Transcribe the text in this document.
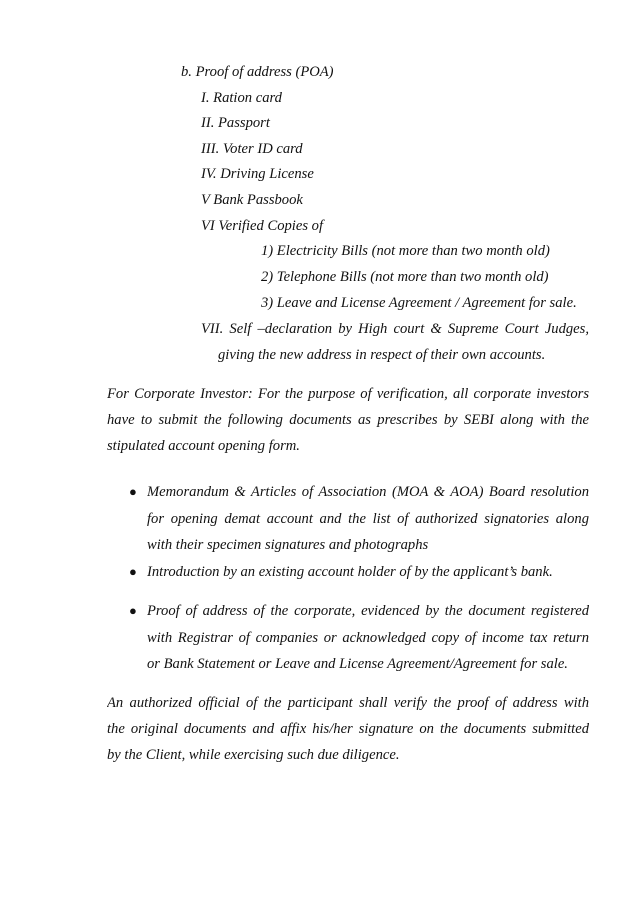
b. Proof of address (POA)
I. Ration card
II. Passport
III. Voter ID card
IV. Driving License
V Bank Passbook
VI Verified Copies of
1) Electricity Bills (not more than two month old)
2) Telephone Bills (not more than two month old)
3) Leave and License Agreement / Agreement for sale.
VII. Self –declaration by High court & Supreme Court Judges,
giving the new address in respect of their own accounts.
For Corporate Investor: For the purpose of verification, all corporate investors
have to submit the following documents as prescribes by SEBI along with the
stipulated account opening form.
● Memorandum & Articles of Association (MOA & AOA) Board resolution
for opening demat account and the list of authorized signatories along
with their specimen signatures and photographs
● Introduction by an existing account holder of by the applicant’s bank.
● Proof of address of the corporate, evidenced by the document registered
with Registrar of companies or acknowledged copy of income tax return
or Bank Statement or Leave and License Agreement/Agreement for sale.
An authorized official of the participant shall verify the proof of address with
the original documents and affix his/her signature on the documents submitted
by the Client, while exercising such due diligence.
